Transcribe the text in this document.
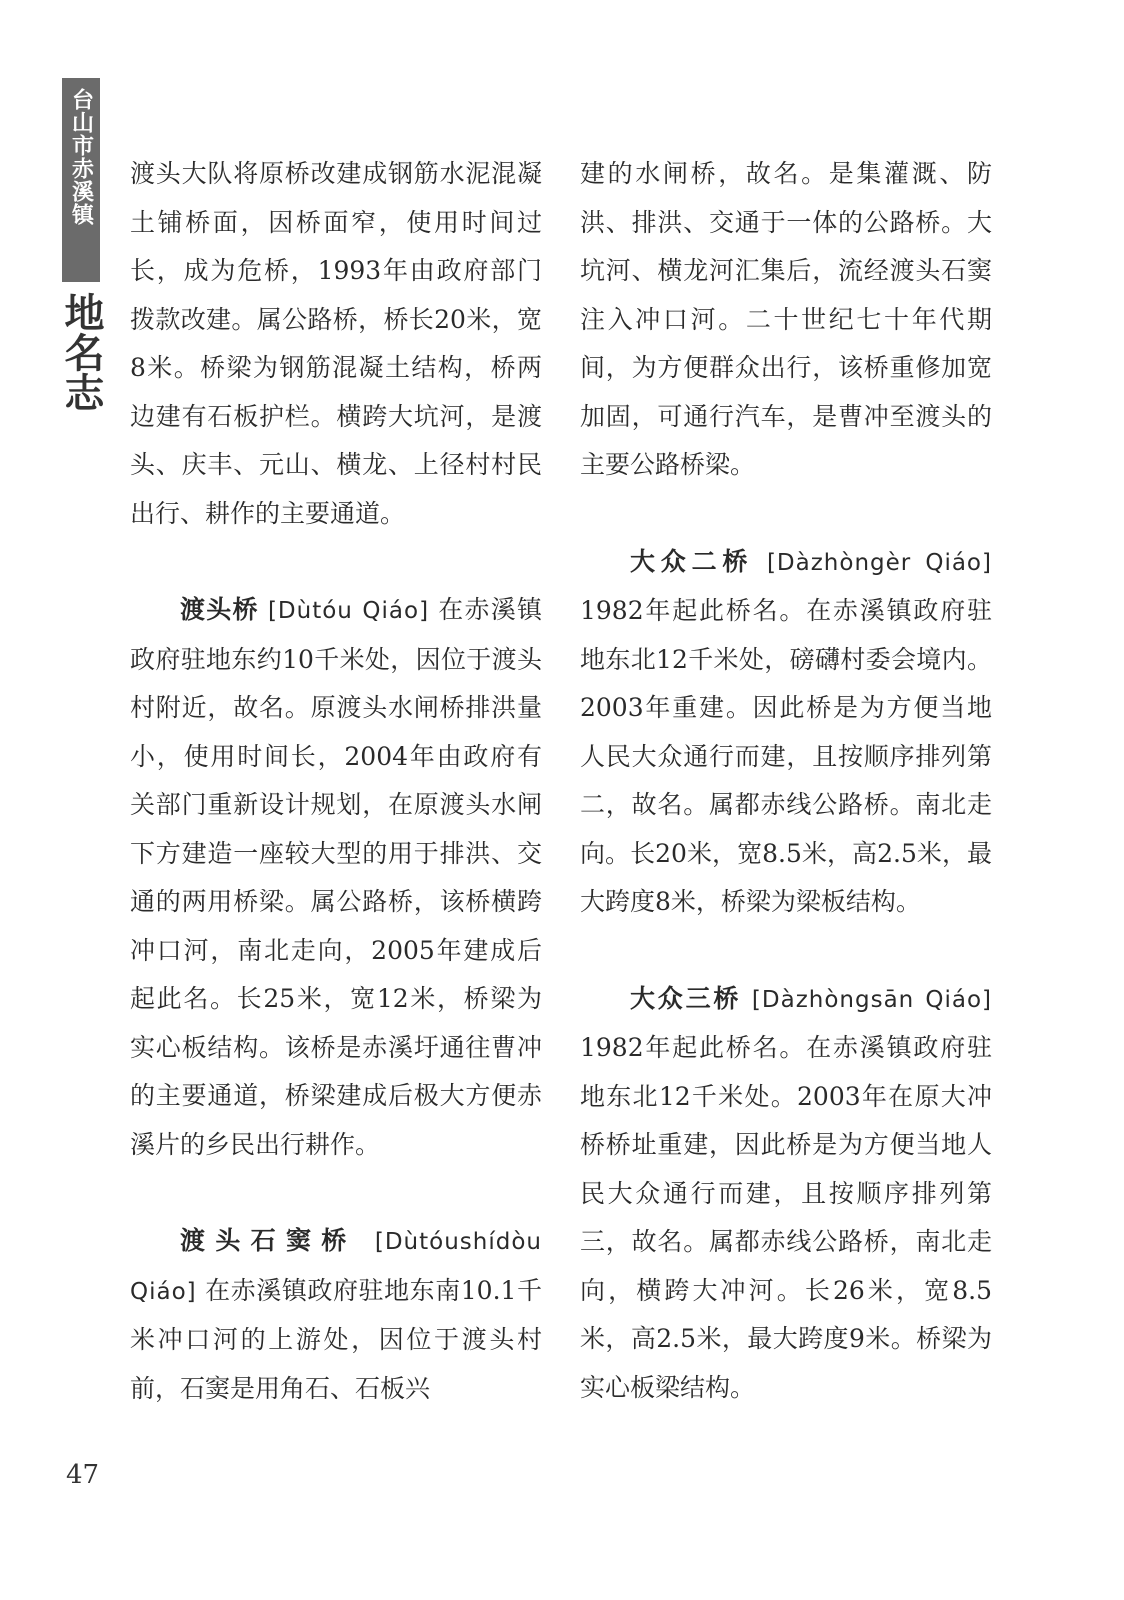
台山市赤溪镇
地名志

渡头大队将原桥改建成钢筋水泥混凝土铺桥面，因桥面窄，使用时间过长，成为危桥，1993年由政府部门拨款改建。属公路桥，桥长20米，宽8米。桥梁为钢筋混凝土结构，桥两边建有石板护栏。横跨大坑河，是渡头、庆丰、元山、横龙、上径村村民出行、耕作的主要通道。

渡头桥 [Dùtóu Qiáo] 在赤溪镇政府驻地东约10千米处，因位于渡头村附近，故名。原渡头水闸桥排洪量小，使用时间长，2004年由政府有关部门重新设计规划，在原渡头水闸下方建造一座较大型的用于排洪、交通的两用桥梁。属公路桥，该桥横跨冲口河，南北走向，2005年建成后起此名。长25米，宽12米，桥梁为实心板结构。该桥是赤溪圩通往曹冲的主要通道，桥梁建成后极大方便赤溪片的乡民出行耕作。

渡头石窦桥 [Dùtóushídòu Qiáo] 在赤溪镇政府驻地东南10.1千米冲口河的上游处，因位于渡头村前，石窦是用角石、石板兴

建的水闸桥，故名。是集灌溉、防洪、排洪、交通于一体的公路桥。大坑河、横龙河汇集后，流经渡头石窦注入冲口河。二十世纪七十年代期间，为方便群众出行，该桥重修加宽加固，可通行汽车，是曹冲至渡头的主要公路桥梁。

大众二桥 [Dàzhòngèr Qiáo] 1982年起此桥名。在赤溪镇政府驻地东北12千米处，磅礴村委会境内。2003年重建。因此桥是为方便当地人民大众通行而建，且按顺序排列第二，故名。属都赤线公路桥。南北走向。长20米，宽8.5米，高2.5米，最大跨度8米，桥梁为梁板结构。

大众三桥 [Dàzhòngsān Qiáo] 1982年起此桥名。在赤溪镇政府驻地东北12千米处。2003年在原大冲桥桥址重建，因此桥是为方便当地人民大众通行而建，且按顺序排列第三，故名。属都赤线公路桥，南北走向，横跨大冲河。长26米，宽8.5米，高2.5米，最大跨度9米。桥梁为实心板梁结构。

47
